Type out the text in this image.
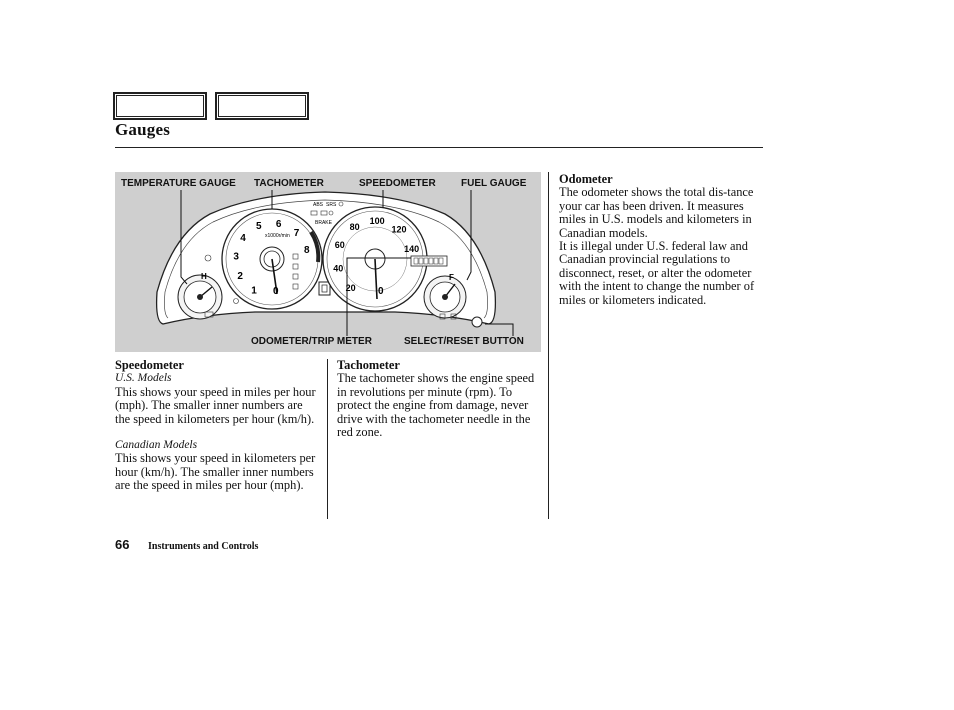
Gauges
H
1
2
3
4
5 6
7
8
0
x1000r/min
20
40
60
80
100
120
140
0
F
ABS SRS
BRAKE
TEMPERATURE GAUGE TACHOMETER	SPEEDOMETER	FUEL GAUGE
ODOMETER/TRIP METER	SELECT/RESET BUTTON
Odometer

The odometer shows the total dis-tance your car has been driven. It measures miles in U.S. models and kilometers in Canadian models.

It is illegal under U.S. federal law and Canadian provincial regulations to disconnect, reset, or alter the odometer with the intent to change the number of miles or kilometers indicated.

Speedometer

U.S. Models

This shows your speed in miles per hour (mph). The smaller inner numbers are the speed in kilometers per hour (km/h).

Canadian Models

This shows your speed in kilometers per hour (km/h). The smaller inner numbers are the speed in miles per hour (mph).

Tachometer

The tachometer shows the engine speed in revolutions per minute (rpm). To protect the engine from damage, never drive with the tachometer needle in the red zone.

66 Instruments and Controls
